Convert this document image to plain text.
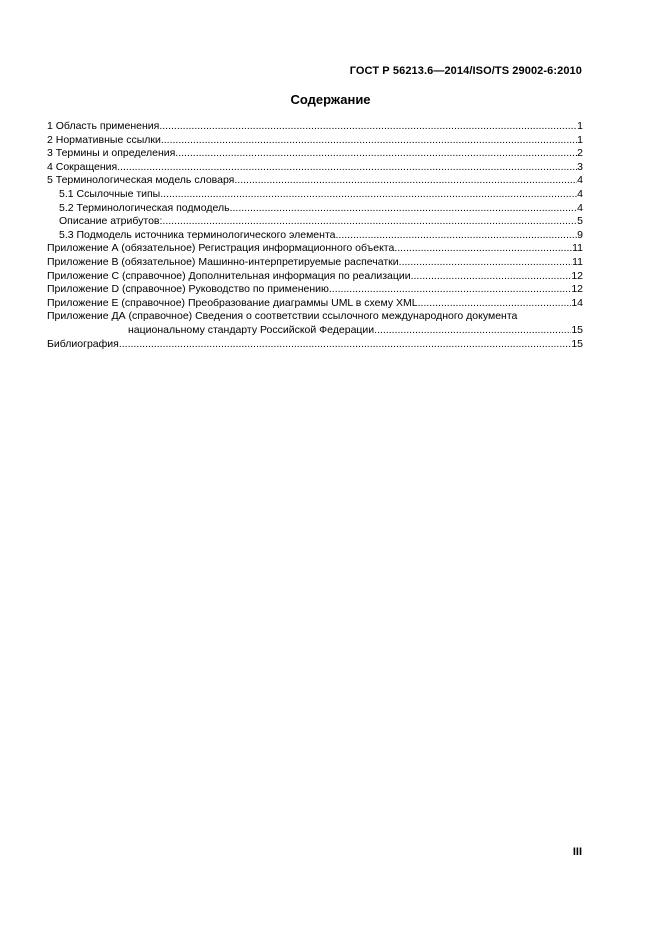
ГОСТ Р 56213.6—2014/ISO/TS 29002-6:2010
Содержание
1 Область применения .....	1
2 Нормативные ссылки .....	1
3 Термины и определения .....	2
4 Сокращения .....	3
5 Терминологическая модель словаря .....	4
5.1 Ссылочные типы .....	4
5.2 Терминологическая подмодель .....	4
Описание атрибутов: .....	5
5.3 Подмодель источника терминологического элемента .....	9
Приложение А (обязательное) Регистрация информационного объекта .....	11
Приложение В (обязательное) Машинно-интерпретируемые распечатки .....	11
Приложение С (справочное) Дополнительная информация по реализации .....	12
Приложение D (справочное) Руководство по применению .....	12
Приложение Е (справочное) Преобразование диаграммы UML в схему XML .....	14
Приложение ДА (справочное) Сведения о соответствии ссылочного международного документа
национальному стандарту Российской Федерации .....	15
Библиография .....	15
III
